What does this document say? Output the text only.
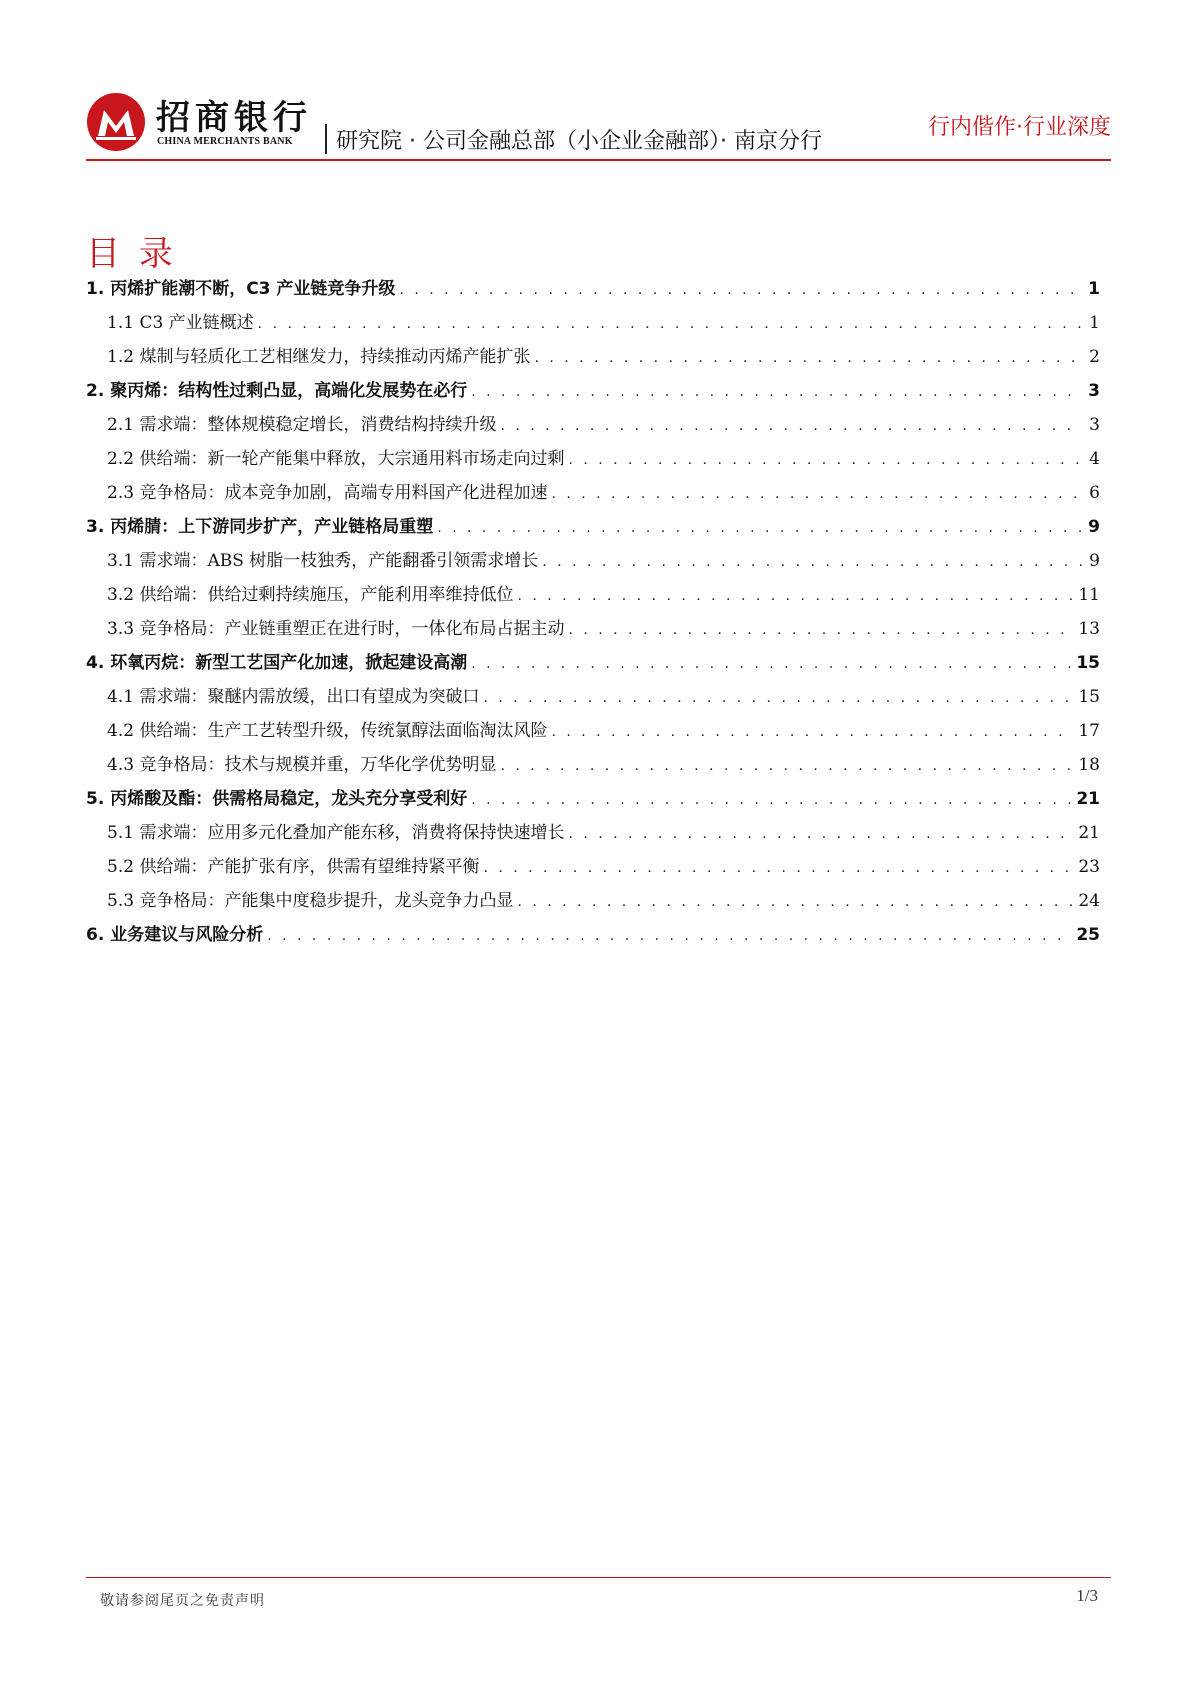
招商银行
CHINA MERCHANTS BANK 研究院 · 公司金融总部（小企业金融部）· 南京分行
行内偕作·行业深度
目 录
1. 丙烯扩能潮不断，C3 产业链竞争升级 . . .	1
1.1 C3 产业链概述 . . .	1
1.2 煤制与轻质化工艺相继发力，持续推动丙烯产能扩张 . . .	2
2. 聚丙烯：结构性过剩凸显，高端化发展势在必行 . . .	3
2.1 需求端：整体规模稳定增长，消费结构持续升级 . . .	3
2.2 供给端：新一轮产能集中释放，大宗通用料市场走向过剩 . . .	4
2.3 竞争格局：成本竞争加剧，高端专用料国产化进程加速 . . .	6
3. 丙烯腈：上下游同步扩产，产业链格局重塑 . . .	9
3.1 需求端：ABS 树脂一枝独秀，产能翻番引领需求增长 . . .	9
3.2 供给端：供给过剩持续施压，产能利用率维持低位 . . .	11
3.3 竞争格局：产业链重塑正在进行时，一体化布局占据主动 . . .	13
4. 环氧丙烷：新型工艺国产化加速，掀起建设高潮 . . .	15
4.1 需求端：聚醚内需放缓，出口有望成为突破口 . . .	15
4.2 供给端：生产工艺转型升级，传统氯醇法面临淘汰风险 . . .	17
4.3 竞争格局：技术与规模并重，万华化学优势明显 . . .	18
5. 丙烯酸及酯：供需格局稳定，龙头充分享受利好 . . .	21
5.1 需求端：应用多元化叠加产能东移，消费将保持快速增长 . . .	21
5.2 供给端：产能扩张有序，供需有望维持紧平衡 . . .	23
5.3 竞争格局：产能集中度稳步提升，龙头竞争力凸显 . . .	24
6. 业务建议与风险分析 . . .	25
敬请参阅尾页之免责声明	1/3
